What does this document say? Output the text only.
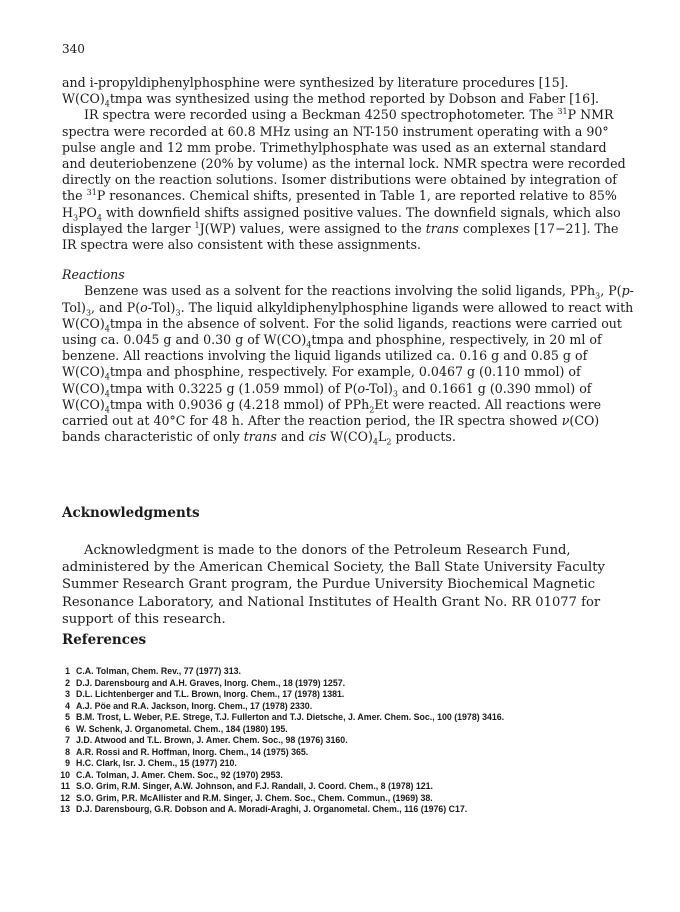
340

and i-propyldiphenylphosphine were synthesized by literature procedures [15]. $W(CO)_4tmpa$ was synthesized using the method reported by Dobson and Faber [16].

IR spectra were recorded using a Beckman 4250 spectrophotometer. The $^{31}$P NMR spectra were recorded at 60.8 MHz using an NT-150 instrument operating with a 90° pulse angle and 12 mm probe. Trimethylphosphate was used as an external standard and deuteriobenzene (20% by volume) as the internal lock. NMR spectra were recorded directly on the reaction solutions. Isomer distributions were obtained by integration of the $^{31}$P resonances. Chemical shifts, presented in Table 1, are reported relative to 85% $H_3PO_4$ with downfield shifts assigned positive values. The downfield signals, which also displayed the larger $^1$J(WP) values, were assigned to the trans complexes [17−21]. The IR spectra were also consistent with these assignments.

Reactions

Benzene was used as a solvent for the reactions involving the solid ligands, PPh$_3$, $P(p-Tol)_3$, and $P(o-Tol)_3$. The liquid alkyldiphenylphosphine ligands were allowed to react with $W(CO)_4tmpa$ in the absence of solvent. For the solid ligands, reactions were carried out using ca. 0.045 g and 0.30 g of $W(CO)_4tmpa$ and phosphine, respectively, in 20 ml of benzene. All reactions involving the liquid ligands utilized ca. 0.16 g and 0.85 g of $W(CO)_4tmpa$ and phosphine, respectively. For example, 0.0467 g (0.110 mmol) of $W(CO)_4tmpa$ with 0.3225 g (1.059 mmol) of $P(o-Tol)_3$ and 0.1661 g (0.390 mmol) of $W(CO)_4tmpa$ with 0.9036 g (4.218 mmol) of PPh$_2$Et were reacted. All reactions were carried out at 40°C for 48 h. After the reaction period, the IR spectra showed ν(CO) bands characteristic of only trans and cis $W(CO)_4L_2$ products.

Acknowledgments

Acknowledgment is made to the donors of the Petroleum Research Fund, administered by the American Chemical Society, the Ball State University Faculty Summer Research Grant program, the Purdue University Biochemical Magnetic Resonance Laboratory, and National Institutes of Health Grant No. RR 01077 for support of this research.

References
1 C.A. Tolman, Chem. Rev., 77 (1977) 313.
2 D.J. Darensbourg and A.H. Graves, Inorg. Chem., 18 (1979) 1257.
3 D.L. Lichtenberger and T.L. Brown, Inorg. Chem., 17 (1978) 1381.
4 A.J. Pöe and R.A. Jackson, Inorg. Chem., 17 (1978) 2330.
5 B.M. Trost, L. Weber, P.E. Strege, T.J. Fullerton and T.J. Dietsche, J. Amer. Chem. Soc., 100 (1978) 3416.
6 W. Schenk, J. Organometal. Chem., 184 (1980) 195.
7 J.D. Atwood and T.L. Brown, J. Amer. Chem. Soc., 98 (1976) 3160.
8 A.R. Rossi and R. Hoffman, Inorg. Chem., 14 (1975) 365.
9 H.C. Clark, Isr. J. Chem., 15 (1977) 210.
10 C.A. Tolman, J. Amer. Chem. Soc., 92 (1970) 2953.
11 S.O. Grim, R.M. Singer, A.W. Johnson, and F.J. Randall, J. Coord. Chem., 8 (1978) 121.
12 S.O. Grim, P.R. McAllister and R.M. Singer, J. Chem. Soc., Chem. Commun., (1969) 38.
13 D.J. Darensbourg, G.R. Dobson and A. Moradi-Araghi, J. Organometal. Chem., 116 (1976) C17.
